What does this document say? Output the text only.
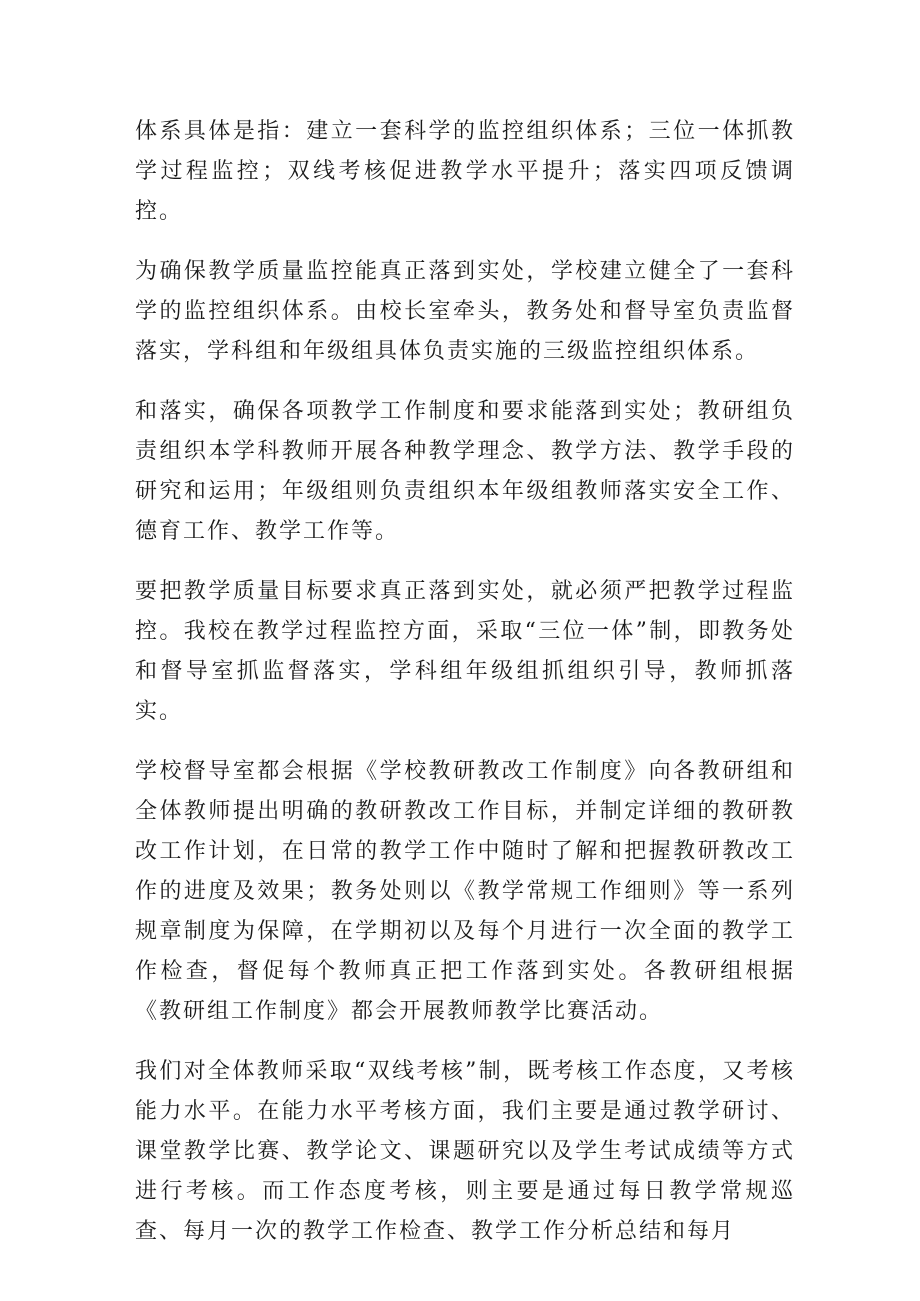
体系具体是指：建立一套科学的监控组织体系；三位一体抓教学过程监控；双线考核促进教学水平提升；落实四项反馈调控。

为确保教学质量监控能真正落到实处，学校建立健全了一套科学的监控组织体系。由校长室牵头，教务处和督导室负责监督落实，学科组和年级组具体负责实施的三级监控组织体系。

和落实，确保各项教学工作制度和要求能落到实处；教研组负责组织本学科教师开展各种教学理念、教学方法、教学手段的研究和运用；年级组则负责组织本年级组教师落实安全工作、德育工作、教学工作等。

要把教学质量目标要求真正落到实处，就必须严把教学过程监控。我校在教学过程监控方面，采取“三位一体”制，即教务处和督导室抓监督落实，学科组年级组抓组织引导，教师抓落实。

学校督导室都会根据《学校教研教改工作制度》向各教研组和全体教师提出明确的教研教改工作目标，并制定详细的教研教改工作计划，在日常的教学工作中随时了解和把握教研教改工作的进度及效果；教务处则以《教学常规工作细则》等一系列规章制度为保障，在学期初以及每个月进行一次全面的教学工作检查，督促每个教师真正把工作落到实处。各教研组根据《教研组工作制度》都会开展教师教学比赛活动。

我们对全体教师采取“双线考核”制，既考核工作态度，又考核能力水平。在能力水平考核方面，我们主要是通过教学研讨、课堂教学比赛、教学论文、课题研究以及学生考试成绩等方式进行考核。而工作态度考核，则主要是通过每日教学常规巡查、每月一次的教学工作检查、教学工作分析总结和每月
